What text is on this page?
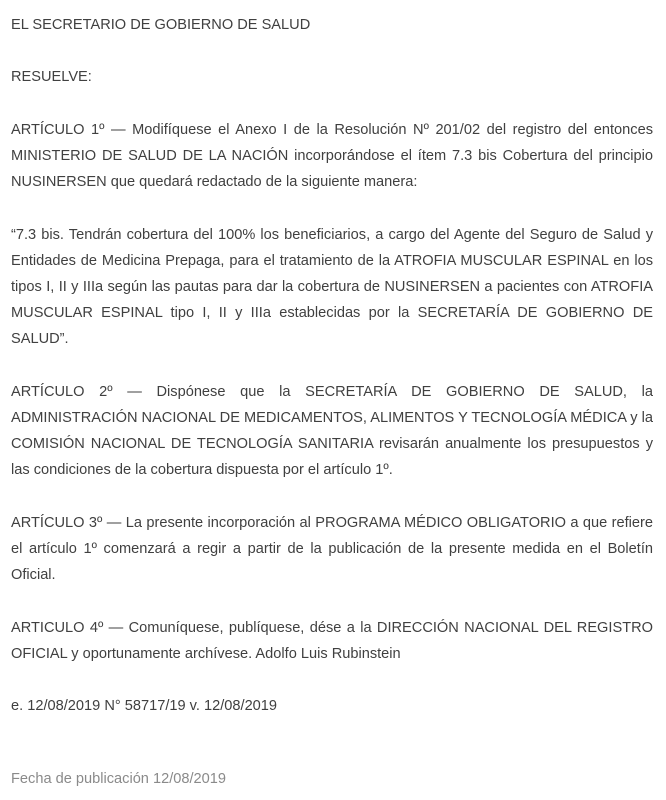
EL SECRETARIO DE GOBIERNO DE SALUD

RESUELVE:

ARTÍCULO 1º — Modifíquese el Anexo I de la Resolución Nº 201/02 del registro del entonces MINISTERIO DE SALUD DE LA NACIÓN incorporándose el ítem 7.3 bis Cobertura del principio NUSINERSEN que quedará redactado de la siguiente manera:

“7.3 bis. Tendrán cobertura del 100% los beneficiarios, a cargo del Agente del Seguro de Salud y Entidades de Medicina Prepaga, para el tratamiento de la ATROFIA MUSCULAR ESPINAL en los tipos I, II y IIIa según las pautas para dar la cobertura de NUSINERSEN a pacientes con ATROFIA MUSCULAR ESPINAL tipo I, II y IIIa establecidas por la SECRETARÍA DE GOBIERNO DE SALUD”.

ARTÍCULO 2º — Dispónese que la SECRETARÍA DE GOBIERNO DE SALUD, la ADMINISTRACIÓN NACIONAL DE MEDICAMENTOS, ALIMENTOS Y TECNOLOGÍA MÉDICA y la COMISIÓN NACIONAL DE TECNOLOGÍA SANITARIA revisarán anualmente los presupuestos y las condiciones de la cobertura dispuesta por el artículo 1º.

ARTÍCULO 3º — La presente incorporación al PROGRAMA MÉDICO OBLIGATORIO a que refiere el artículo 1º comenzará a regir a partir de la publicación de la presente medida en el Boletín Oficial.

ARTICULO 4º — Comuníquese, publíquese, dése a la DIRECCIÓN NACIONAL DEL REGISTRO OFICIAL y oportunamente archívese. Adolfo Luis Rubinstein

e. 12/08/2019 N° 58717/19 v. 12/08/2019

Fecha de publicación 12/08/2019
